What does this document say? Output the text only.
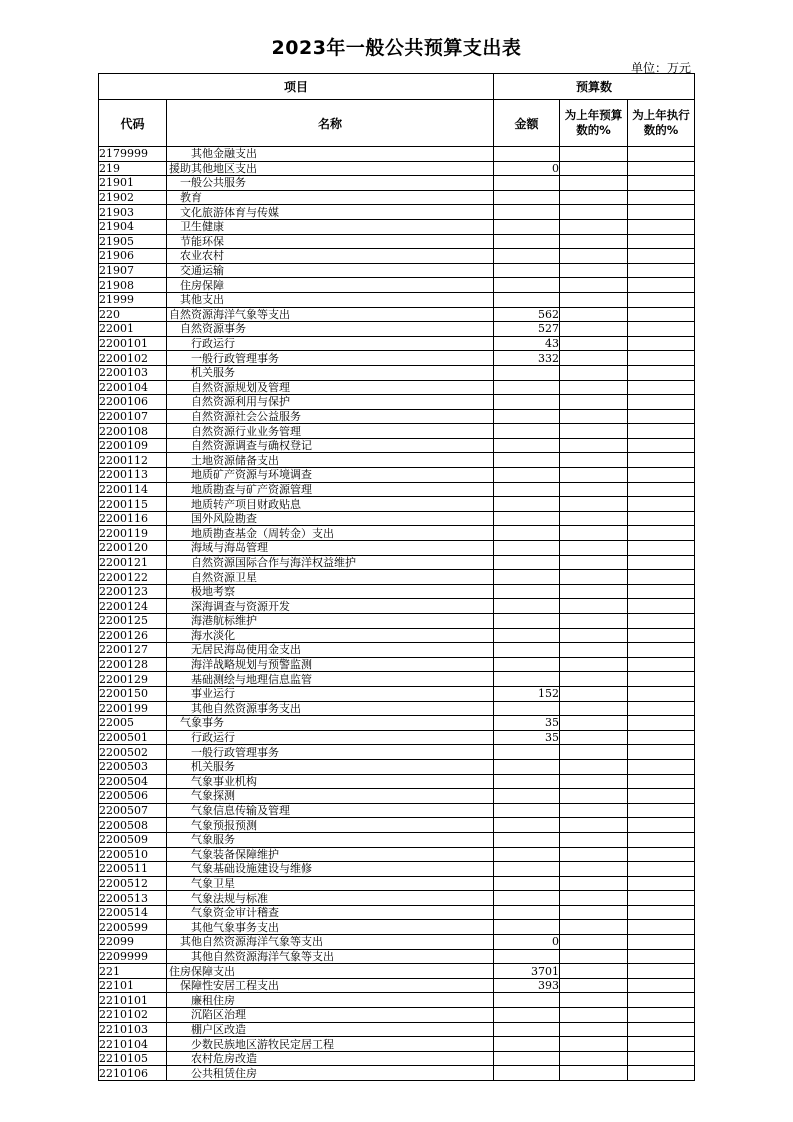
2023年一般公共预算支出表
单位：万元
项目		预算数		
代码	名称	金额	为上年预算数的%	为上年执行数的%
2179999	其他金融支出			
219	援助其他地区支出	0		
21901	一般公共服务			
21902	教育			
21903	文化旅游体育与传媒			
21904	卫生健康			
21905	节能环保			
21906	农业农村			
21907	交通运输			
21908	住房保障			
21999	其他支出			
220	自然资源海洋气象等支出	562		
22001	自然资源事务	527		
2200101	行政运行	43		
2200102	一般行政管理事务	332		
2200103	机关服务			
2200104	自然资源规划及管理			
2200106	自然资源利用与保护			
2200107	自然资源社会公益服务			
2200108	自然资源行业业务管理			
2200109	自然资源调查与确权登记			
2200112	土地资源储备支出			
2200113	地质矿产资源与环境调查			
2200114	地质勘查与矿产资源管理			
2200115	地质转产项目财政贴息			
2200116	国外风险勘查			
2200119	地质勘查基金（周转金）支出			
2200120	海域与海岛管理			
2200121	自然资源国际合作与海洋权益维护			
2200122	自然资源卫星			
2200123	极地考察			
2200124	深海调查与资源开发			
2200125	海港航标维护			
2200126	海水淡化			
2200127	无居民海岛使用金支出			
2200128	海洋战略规划与预警监测			
2200129	基础测绘与地理信息监管			
2200150	事业运行	152		
2200199	其他自然资源事务支出			
22005	气象事务	35		
2200501	行政运行	35		
2200502	一般行政管理事务			
2200503	机关服务			
2200504	气象事业机构			
2200506	气象探测			
2200507	气象信息传输及管理			
2200508	气象预报预测			
2200509	气象服务			
2200510	气象装备保障维护			
2200511	气象基础设施建设与维修			
2200512	气象卫星			
2200513	气象法规与标准			
2200514	气象资金审计稽查			
2200599	其他气象事务支出			
22099	其他自然资源海洋气象等支出	0		
2209999	其他自然资源海洋气象等支出			
221	住房保障支出	3701		
22101	保障性安居工程支出	393		
2210101	廉租住房			
2210102	沉陷区治理			
2210103	棚户区改造			
2210104	少数民族地区游牧民定居工程			
2210105	农村危房改造			
2210106	公共租赁住房			
